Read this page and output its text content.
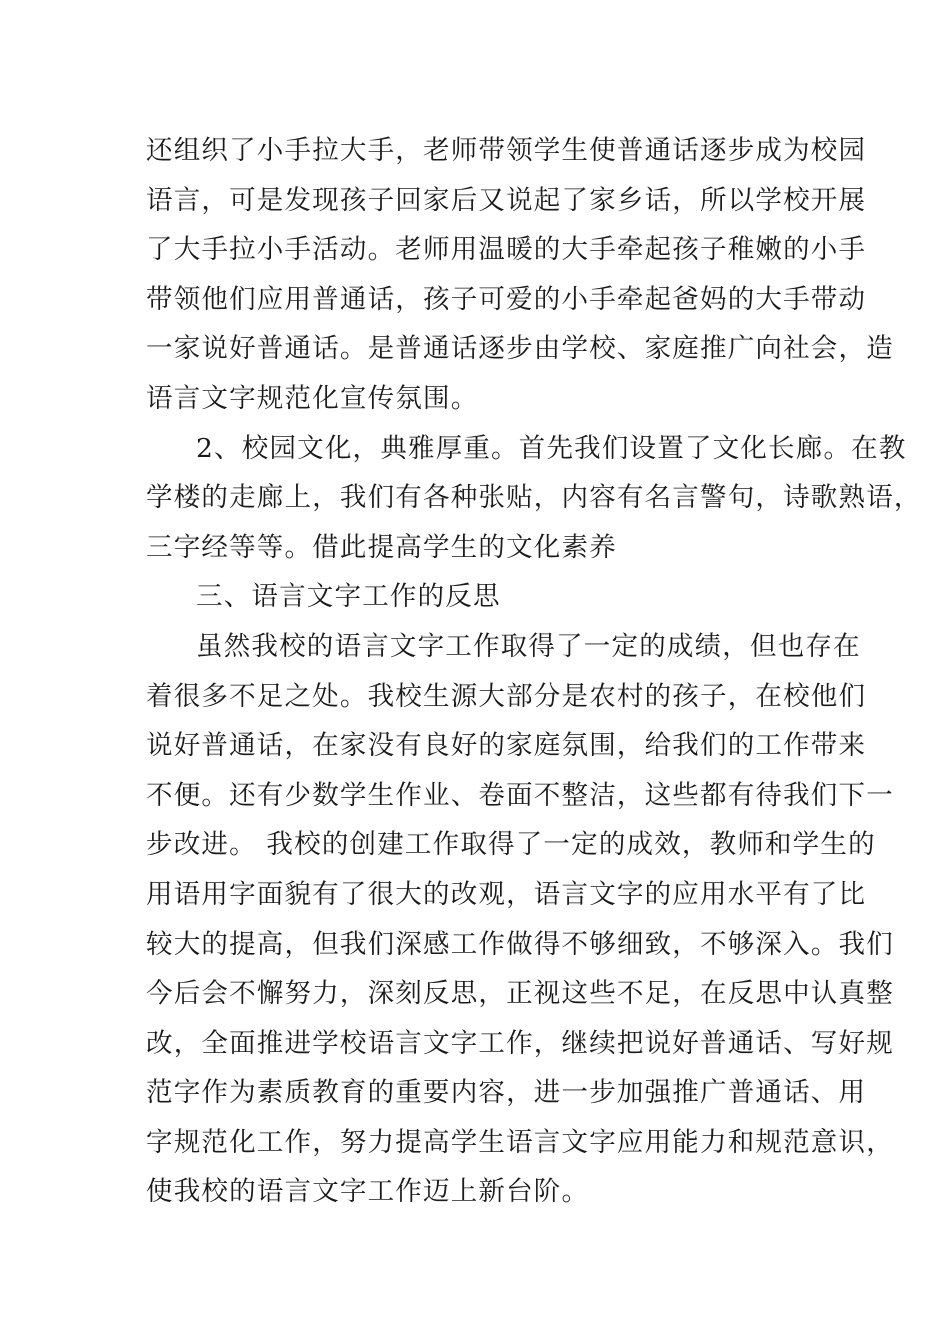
还组织了小手拉大手，老师带领学生使普通话逐步成为校园
语言，可是发现孩子回家后又说起了家乡话，所以学校开展
了大手拉小手活动。老师用温暖的大手牵起孩子稚嫩的小手
带领他们应用普通话，孩子可爱的小手牵起爸妈的大手带动
一家说好普通话。是普通话逐步由学校、家庭推广向社会，造
语言文字规范化宣传氛围。
2、校园文化，典雅厚重。首先我们设置了文化长廊。在教
学楼的走廊上，我们有各种张贴，内容有名言警句，诗歌熟语，
三字经等等。借此提高学生的文化素养
三、语言文字工作的反思
虽然我校的语言文字工作取得了一定的成绩，但也存在
着很多不足之处。我校生源大部分是农村的孩子，在校他们
说好普通话，在家没有良好的家庭氛围，给我们的工作带来
不便。还有少数学生作业、卷面不整洁，这些都有待我们下一
步改进。 我校的创建工作取得了一定的成效，教师和学生的
用语用字面貌有了很大的改观，语言文字的应用水平有了比
较大的提高，但我们深感工作做得不够细致，不够深入。我们
今后会不懈努力，深刻反思，正视这些不足，在反思中认真整
改，全面推进学校语言文字工作，继续把说好普通话、写好规
范字作为素质教育的重要内容，进一步加强推广普通话、用
字规范化工作，努力提高学生语言文字应用能力和规范意识，
使我校的语言文字工作迈上新台阶。
